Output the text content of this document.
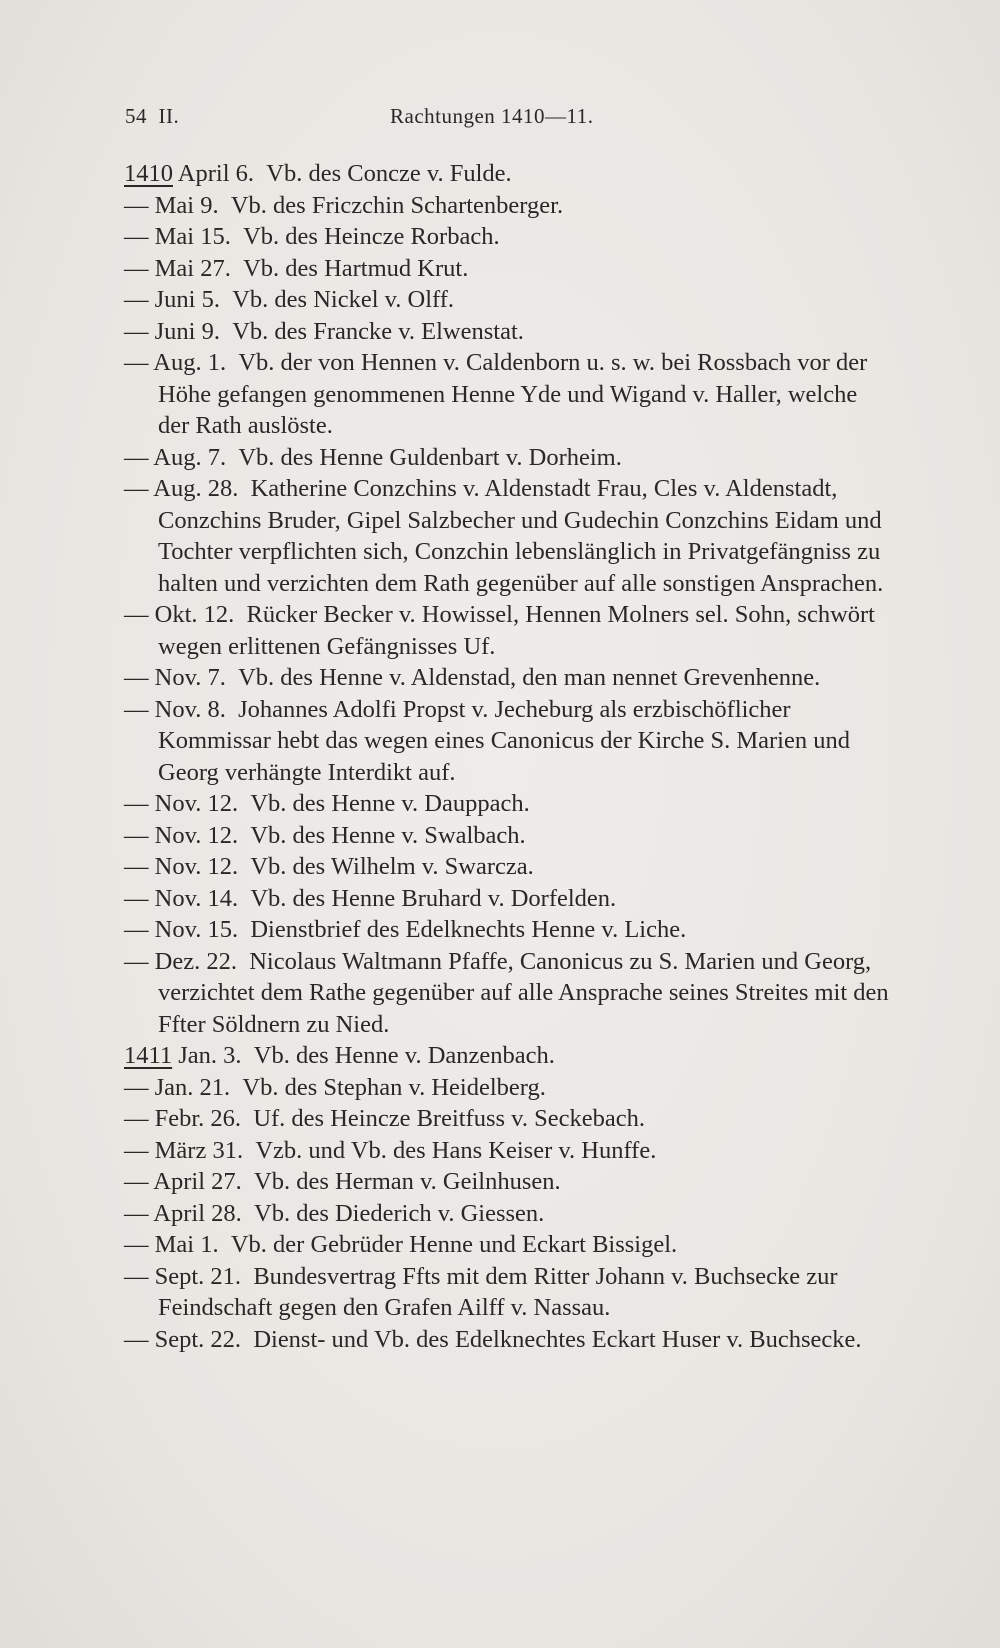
54 II.	Rachtungen 1410—11.

1410 April 6.  Vb. des Concze v. Fulde.

— Mai 9.  Vb. des Friczchin Schartenberger.

— Mai 15.  Vb. des Heincze Rorbach.

— Mai 27.  Vb. des Hartmud Krut.

— Juni 5.  Vb. des Nickel v. Olff.

— Juni 9.  Vb. des Francke v. Elwenstat.

— Aug. 1.  Vb. der von Hennen v. Caldenborn u. s. w. bei Rossbach vor der Höhe gefangen genommenen Henne Yde und Wigand v. Haller, welche der Rath auslöste.

— Aug. 7.  Vb. des Henne Guldenbart v. Dorheim.

— Aug. 28.  Katherine Conzchins v. Aldenstadt Frau, Cles v. Aldenstadt, Conzchins Bruder, Gipel Salzbecher und Gudechin Conzchins Eidam und Tochter verpflichten sich, Conzchin lebenslänglich in Privatgefängniss zu halten und verzichten dem Rath gegenüber auf alle sonstigen Ansprachen.

— Okt. 12.  Rücker Becker v. Howissel, Hennen Molners sel. Sohn, schwört wegen erlittenen Gefängnisses Uf.

— Nov. 7.  Vb. des Henne v. Aldenstad, den man nennet Grevenhenne.

— Nov. 8.  Johannes Adolfi Propst v. Jecheburg als erzbischöflicher Kommissar hebt das wegen eines Canonicus der Kirche S. Marien und Georg verhängte Interdikt auf.

— Nov. 12.  Vb. des Henne v. Dauppach.

— Nov. 12.  Vb. des Henne v. Swalbach.

— Nov. 12.  Vb. des Wilhelm v. Swarcza.

— Nov. 14.  Vb. des Henne Bruhard v. Dorfelden.

— Nov. 15.  Dienstbrief des Edelknechts Henne v. Liche.

— Dez. 22.  Nicolaus Waltmann Pfaffe, Canonicus zu S. Marien und Georg, verzichtet dem Rathe gegenüber auf alle Ansprache seines Streites mit den Ffter Söldnern zu Nied.

1411 Jan. 3.  Vb. des Henne v. Danzenbach.

— Jan. 21.  Vb. des Stephan v. Heidelberg.

— Febr. 26.  Uf. des Heincze Breitfuss v. Seckebach.

— März 31.  Vzb. und Vb. des Hans Keiser v. Hunffe.

— April 27.  Vb. des Herman v. Geilnhusen.

— April 28.  Vb. des Diederich v. Giessen.

— Mai 1.  Vb. der Gebrüder Henne und Eckart Bissigel.

— Sept. 21.  Bundesvertrag Ffts mit dem Ritter Johann v. Buchsecke zur Feindschaft gegen den Grafen Ailff v. Nassau.

— Sept. 22.  Dienst- und Vb. des Edelknechtes Eckart Huser v. Buchsecke.
